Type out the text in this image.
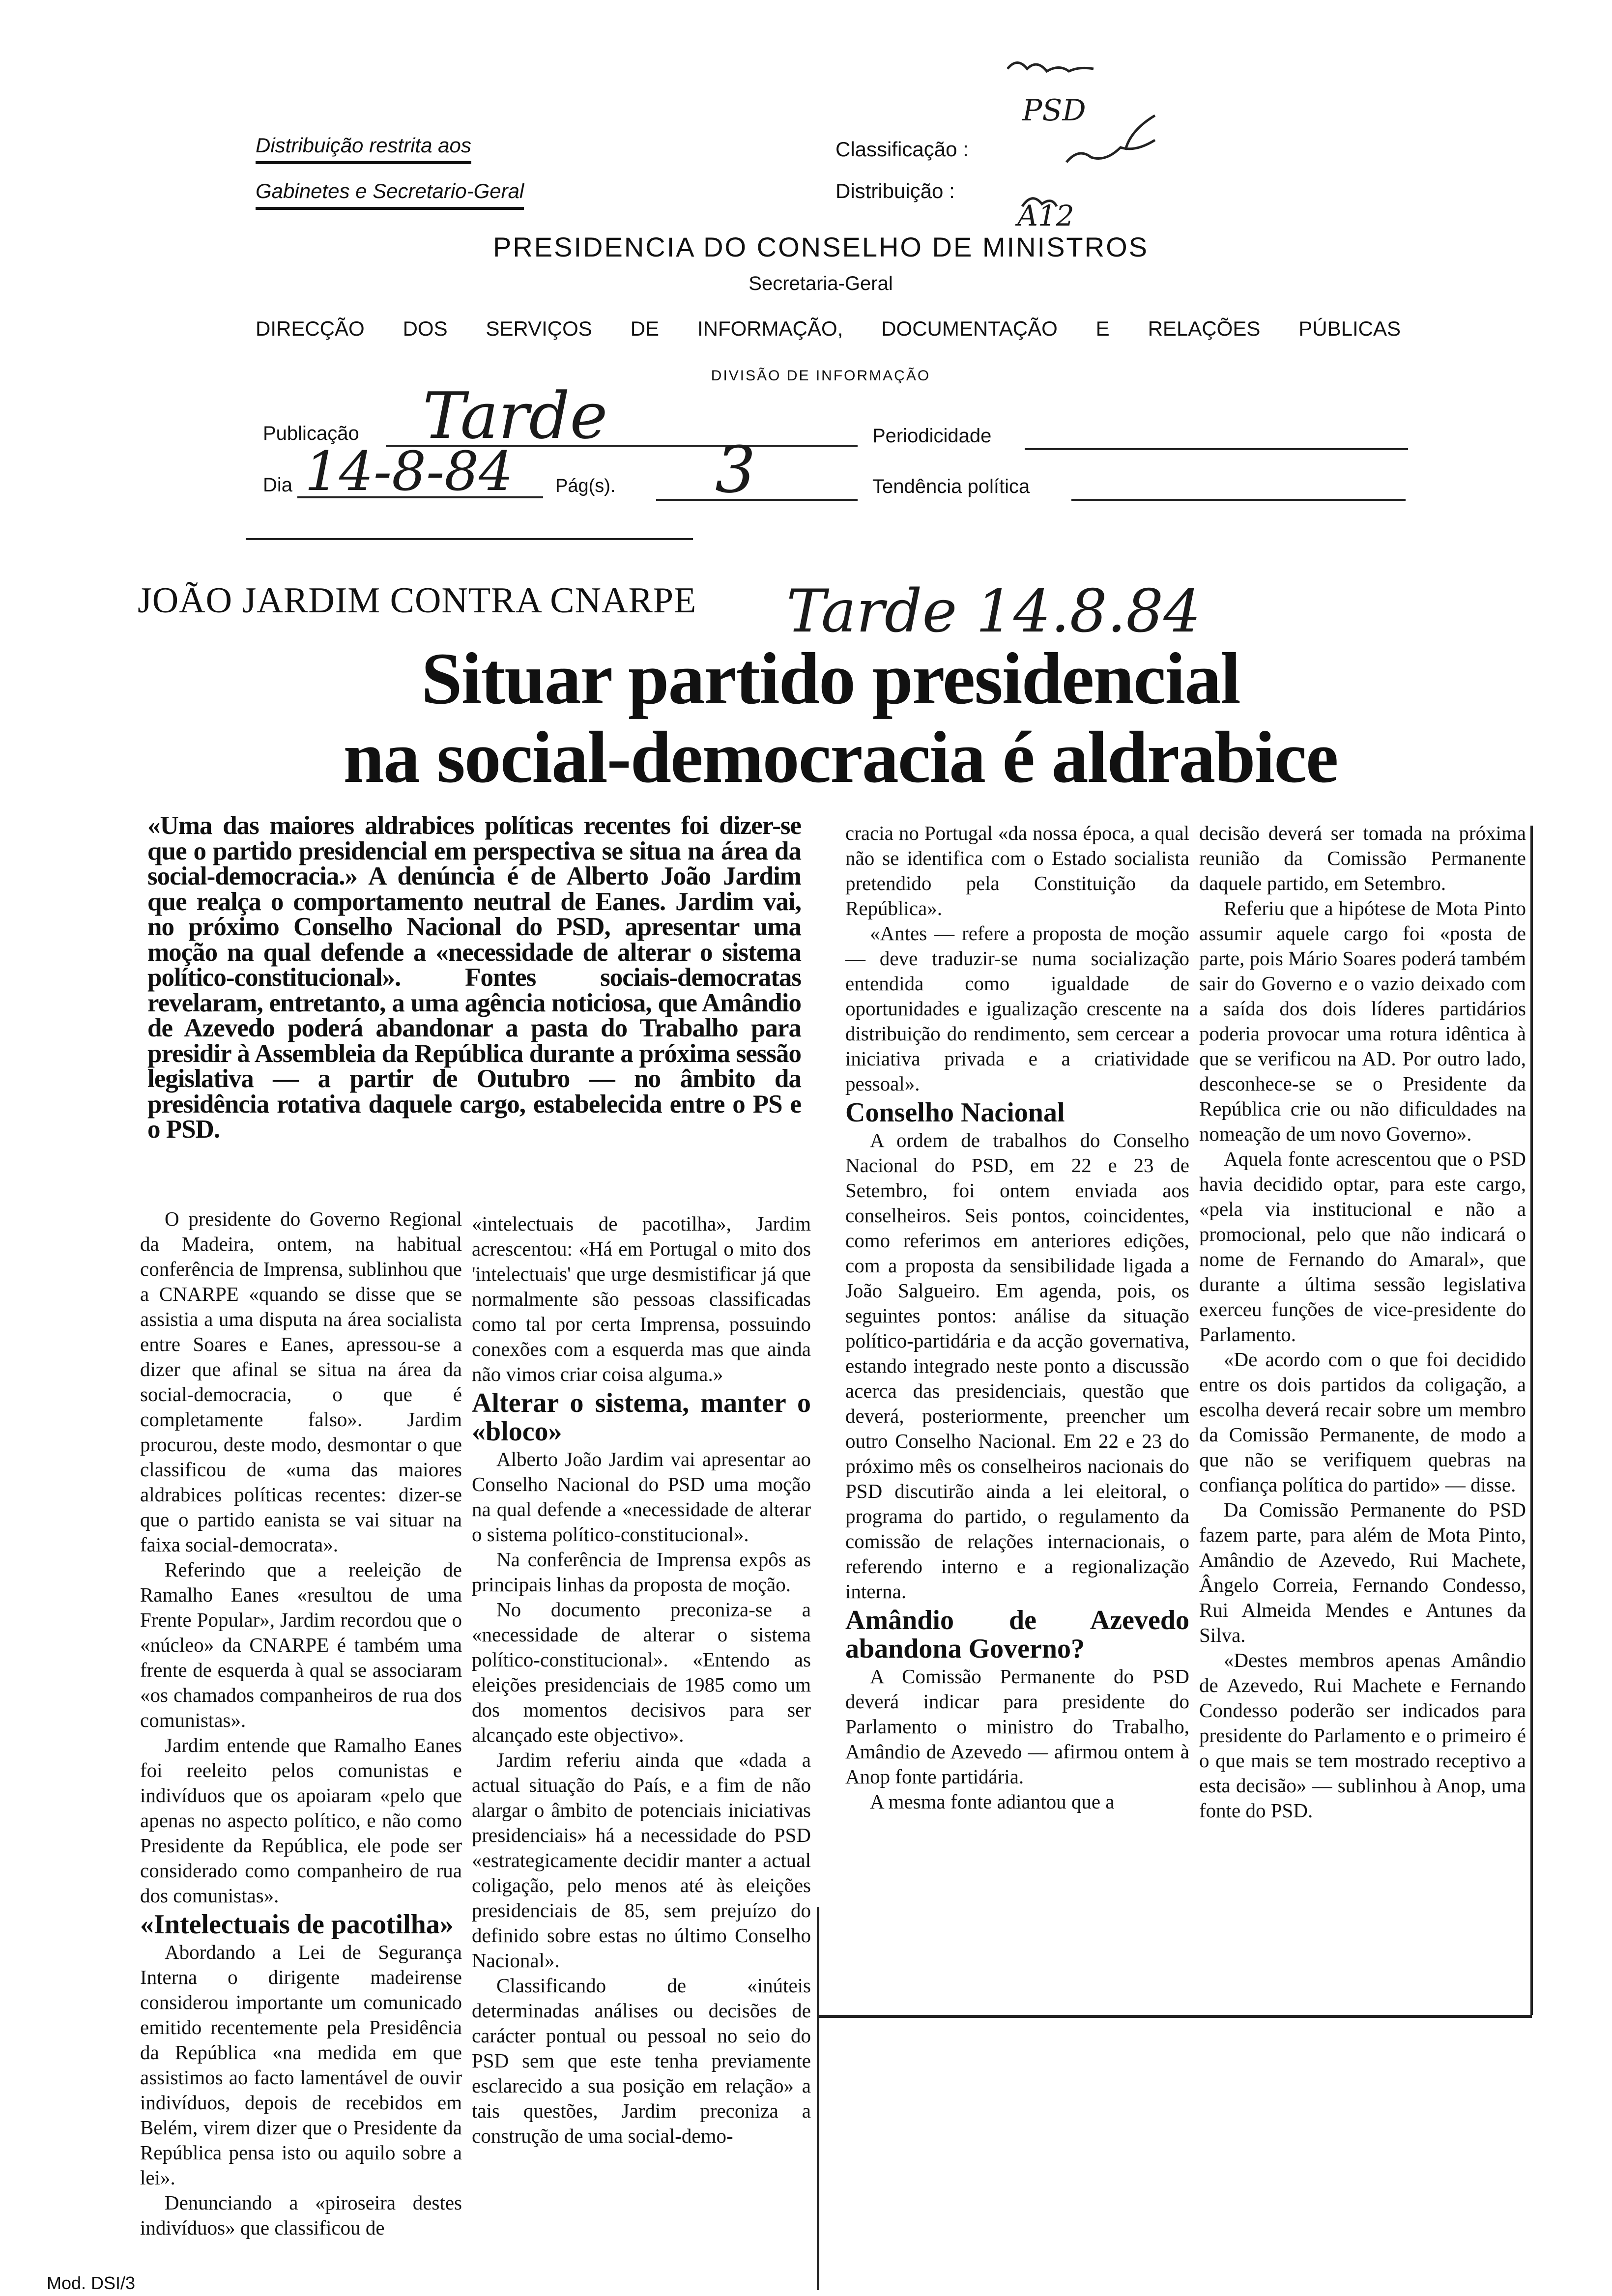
Distribuição restrita aos
Gabinetes e Secretario-Geral
Classificação :
Distribuição :
PSD
A12
PRESIDENCIA DO CONSELHO DE MINISTROS
Secretaria-Geral
DIRECÇÃO DOS SERVIÇOS DE INFORMAÇÃO, DOCUMENTAÇÃO E RELAÇÕES PÚBLICAS
DIVISÃO DE INFORMAÇÃO
Publicação Tarde	Periodicidade
Dia 14-8-84 Pág(s). 3	Tendência política
JOÃO JARDIM CONTRA CNARPE Tarde 14.8.84
Situar partido presidencial
na social-democracia é aldrabice

«Uma das maiores aldrabices políticas recentes foi dizer-se que o partido presidencial em perspectiva se situa na área da social-democracia.» A denúncia é de Alberto João Jardim que realça o comportamento neutral de Eanes. Jardim vai, no próximo Conselho Nacional do PSD, apresentar uma moção na qual defende a «necessidade de alterar o sistema político-constitucional». Fontes sociais-democratas revelaram, entretanto, a uma agência noticiosa, que Amândio de Azevedo poderá abandonar a pasta do Trabalho para presidir à Assembleia da República durante a próxima sessão legislativa — a partir de Outubro — no âmbito da presidência rotativa daquele cargo, estabelecida entre o PS e o PSD.

O presidente do Governo Regional da Madeira, ontem, na habitual conferência de Imprensa, sublinhou que a CNARPE «quando se disse que se assistia a uma disputa na área socialista entre Soares e Eanes, apressou-se a dizer que afinal se situa na área da social-democracia, o que é completamente falso». Jardim procurou, deste modo, desmontar o que classificou de «uma das maiores aldrabices políticas recentes: dizer-se que o partido eanista se vai situar na faixa social-democrata».

Referindo que a reeleição de Ramalho Eanes «resultou de uma Frente Popular», Jardim recordou que o «núcleo» da CNARPE é também uma frente de esquerda à qual se associaram «os chamados companheiros de rua dos comunistas».

Jardim entende que Ramalho Eanes foi reeleito pelos comunistas e indivíduos que os apoiaram «pelo que apenas no aspecto político, e não como Presidente da República, ele pode ser considerado como companheiro de rua dos comunistas».

«Intelectuais de pacotilha»

Abordando a Lei de Segurança Interna o dirigente madeirense considerou importante um comunicado emitido recentemente pela Presidência da República «na medida em que assistimos ao facto lamentável de ouvir indivíduos, depois de recebidos em Belém, virem dizer que o Presidente da República pensa isto ou aquilo sobre a lei».

Denunciando a «piroseira destes indivíduos» que classificou de

«intelectuais de pacotilha», Jardim acrescentou: «Há em Portugal o mito dos 'intelectuais' que urge desmistificar já que normalmente são pessoas classificadas como tal por certa Imprensa, possuindo conexões com a esquerda mas que ainda não vimos criar coisa alguma.»

Alterar o sistema, manter o «bloco»

Alberto João Jardim vai apresentar ao Conselho Nacional do PSD uma moção na qual defende a «necessidade de alterar o sistema político-constitucional».

Na conferência de Imprensa expôs as principais linhas da proposta de moção.

No documento preconiza-se a «necessidade de alterar o sistema político-constitucional». «Entendo as eleições presidenciais de 1985 como um dos momentos decisivos para ser alcançado este objectivo».

Jardim referiu ainda que «dada a actual situação do País, e a fim de não alargar o âmbito de potenciais iniciativas presidenciais» há a necessidade do PSD «estrategicamente decidir manter a actual coligação, pelo menos até às eleições presidenciais de 85, sem prejuízo do definido sobre estas no último Conselho Nacional».

Classificando de «inúteis determinadas análises ou decisões de carácter pontual ou pessoal no seio do PSD sem que este tenha previamente esclarecido a sua posição em relação» a tais questões, Jardim preconiza a construção de uma social-demo-

cracia no Portugal «da nossa época, a qual não se identifica com o Estado socialista pretendido pela Constituição da República».

«Antes — refere a proposta de moção — deve traduzir-se numa socialização entendida como igualdade de oportunidades e igualização crescente na distribuição do rendimento, sem cercear a iniciativa privada e a criatividade pessoal».

Conselho Nacional

A ordem de trabalhos do Conselho Nacional do PSD, em 22 e 23 de Setembro, foi ontem enviada aos conselheiros. Seis pontos, coincidentes, como referimos em anteriores edições, com a proposta da sensibilidade ligada a João Salgueiro. Em agenda, pois, os seguintes pontos: análise da situação político-partidária e da acção governativa, estando integrado neste ponto a discussão acerca das presidenciais, questão que deverá, posteriormente, preencher um outro Conselho Nacional. Em 22 e 23 do próximo mês os conselheiros nacionais do PSD discutirão ainda a lei eleitoral, o programa do partido, o regulamento da comissão de relações internacionais, o referendo interno e a regionalização interna.

Amândio de Azevedo abandona Governo?

A Comissão Permanente do PSD deverá indicar para presidente do Parlamento o ministro do Trabalho, Amândio de Azevedo — afirmou ontem à Anop fonte partidária.

A mesma fonte adiantou que a

decisão deverá ser tomada na próxima reunião da Comissão Permanente daquele partido, em Setembro.

Referiu que a hipótese de Mota Pinto assumir aquele cargo foi «posta de parte, pois Mário Soares poderá também sair do Governo e o vazio deixado com a saída dos dois líderes partidários poderia provocar uma rotura idêntica à que se verificou na AD. Por outro lado, desconhece-se se o Presidente da República crie ou não dificuldades na nomeação de um novo Governo».

Aquela fonte acrescentou que o PSD havia decidido optar, para este cargo, «pela via institucional e não a promocional, pelo que não indicará o nome de Fernando do Amaral», que durante a última sessão legislativa exerceu funções de vice-presidente do Parlamento.

«De acordo com o que foi decidido entre os dois partidos da coligação, a escolha deverá recair sobre um membro da Comissão Permanente, de modo a que não se verifiquem quebras na confiança política do partido» — disse.

Da Comissão Permanente do PSD fazem parte, para além de Mota Pinto, Amândio de Azevedo, Rui Machete, Ângelo Correia, Fernando Condesso, Rui Almeida Mendes e Antunes da Silva.

«Destes membros apenas Amândio de Azevedo, Rui Machete e Fernando Condesso poderão ser indicados para presidente do Parlamento e o primeiro é o que mais se tem mostrado receptivo a esta decisão» — sublinhou à Anop, uma fonte do PSD.

Mod. DSI/3
